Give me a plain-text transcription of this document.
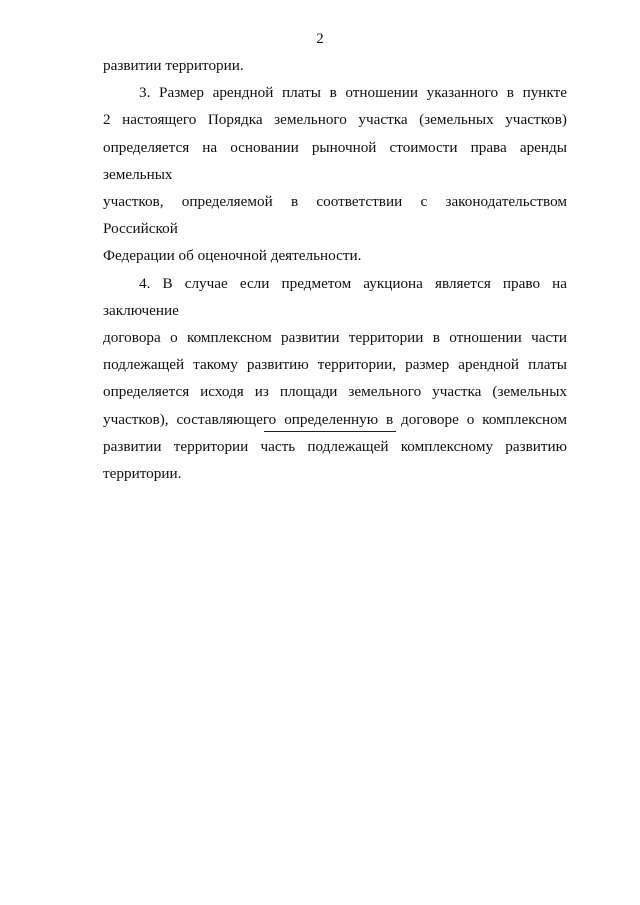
2

развитии территории.

3. Размер арендной платы в отношении указанного в пункте
2 настоящего Порядка земельного участка (земельных участков)
определяется на основании рыночной стоимости права аренды земельных
участков, определяемой в соответствии с законодательством Российской
Федерации об оценочной деятельности.

4. В случае если предметом аукциона является право на заключение
договора о комплексном развитии территории в отношении части
подлежащей такому развитию территории, размер арендной платы
определяется исходя из площади земельного участка (земельных
участков), составляющего определенную в договоре о комплексном
развитии территории часть подлежащей комплексному развитию
территории.
